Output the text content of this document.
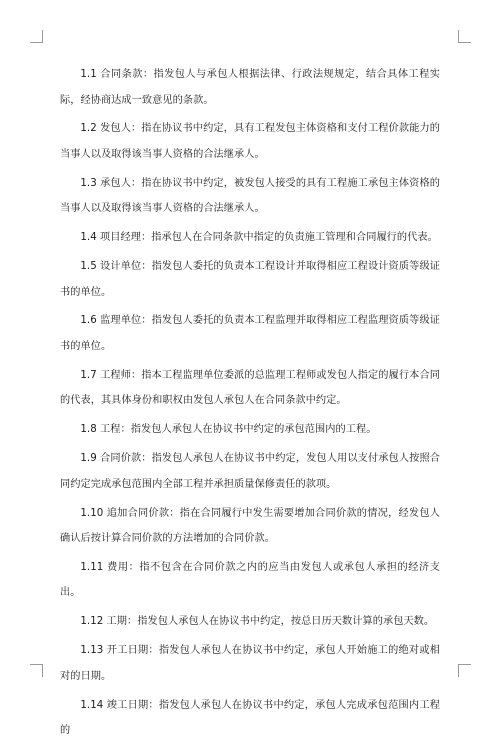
1.1 合同条款：指发包人与承包人根据法律、行政法规规定，结合具体工程实际，经协商达成一致意见的条款。

1.2 发包人：指在协议书中约定，具有工程发包主体资格和支付工程价款能力的当事人以及取得该当事人资格的合法继承人。

1.3 承包人：指在协议书中约定，被发包人接受的具有工程施工承包主体资格的当事人以及取得该当事人资格的合法继承人。

1.4 项目经理：指承包人在合同条款中指定的负责施工管理和合同履行的代表。

1.5 设计单位：指发包人委托的负责本工程设计并取得相应工程设计资质等级证书的单位。

1.6 监理单位：指发包人委托的负责本工程监理并取得相应工程监理资质等级证书的单位。

1.7 工程师：指本工程监理单位委派的总监理工程师或发包人指定的履行本合同的代表，其具体身份和职权由发包人承包人在合同条款中约定。

1.8 工程：指发包人承包人在协议书中约定的承包范围内的工程。

1.9 合同价款：指发包人承包人在协议书中约定，发包人用以支付承包人按照合同约定完成承包范围内全部工程并承担质量保修责任的款项。

1.10 追加合同价款：指在合同履行中发生需要增加合同价款的情况，经发包人确认后按计算合同价款的方法增加的合同价款。

1.11 费用：指不包含在合同价款之内的应当由发包人或承包人承担的经济支出。

1.12 工期：指发包人承包人在协议书中约定，按总日历天数计算的承包天数。

1.13 开工日期：指发包人承包人在协议书中约定，承包人开始施工的绝对或相对的日期。

1.14 竣工日期：指发包人承包人在协议书中约定，承包人完成承包范围内工程的
